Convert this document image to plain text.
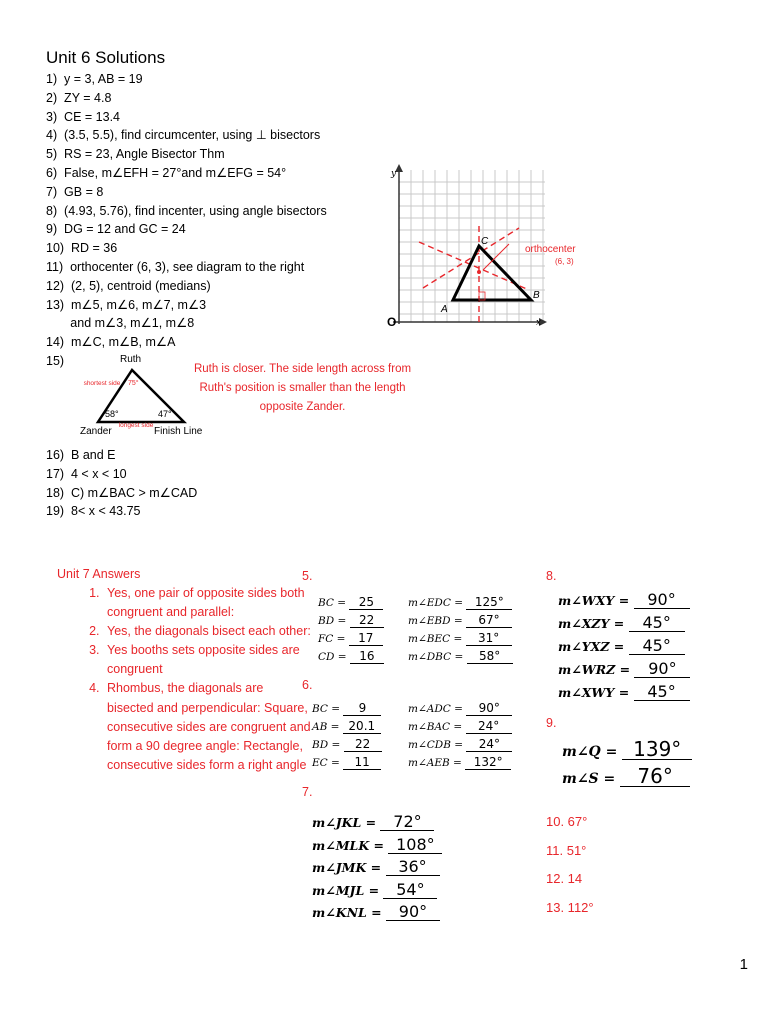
Unit 6 Solutions
1)  y = 3, AB = 19
2)  ZY = 4.8
3)  CE = 13.4
4)  (3.5, 5.5), find circumcenter, using ⊥ bisectors
5)  RS = 23, Angle Bisector Thm
6)  False, m∠EFH = 27°and m∠EFG = 54°
7)  GB = 8
8)  (4.93, 5.76), find incenter, using angle bisectors
9)  DG = 12 and GC = 24
10)  RD = 36
11)  orthocenter (6, 3), see diagram to the right
12)  (2, 5), centroid (medians)
13)  m∠5, m∠6, m∠7, m∠3
and m∠3, m∠1, m∠8
14)  m∠C, m∠B, m∠A
15)
y
x
O
A
B
C
orthocenter
(6, 3)
Ruth
75°
58°	47°
shortest side
Zander	Finish Line
longest side
Ruth is closer. The side length across from Ruth's position is smaller than the length opposite Zander.
16)  B and E
17)  4 < x < 10
18)  C) m∠BAC > m∠CAD
19)  8< x < 43.75
Unit 7 Answers
1. Yes, one pair of opposite sides both congruent and parallel:
2. Yes, the diagonals bisect each other:
3. Yes booths sets opposite sides are congruent
4. Rhombus, the diagonals are bisected and perpendicular: Square, consecutive sides are congruent and form a 90 degree angle: Rectangle, consecutive sides form a right angle
5.
BC = 25
BD = 22
FC = 17
CD = 16
m∠EDC = 125°
m∠EBD = 67°
m∠BEC = 31°
m∠DBC = 58°
6.
BC = 9
AB = 20.1
BD = 22
EC = 11
m∠ADC = 90°
m∠BAC = 24°
m∠CDB = 24°
m∠AEB = 132°
7.
m∠JKL = 72°
m∠MLK = 108°
m∠JMK = 36°
m∠MJL = 54°
m∠KNL = 90°
8.
m∠WXY = 90°
m∠XZY = 45°
m∠YXZ = 45°
m∠WRZ = 90°
m∠XWY = 45°
9.
m∠Q = 139°
m∠S = 76°
10. 67°
11. 51°
12. 14
13. 112°
1
